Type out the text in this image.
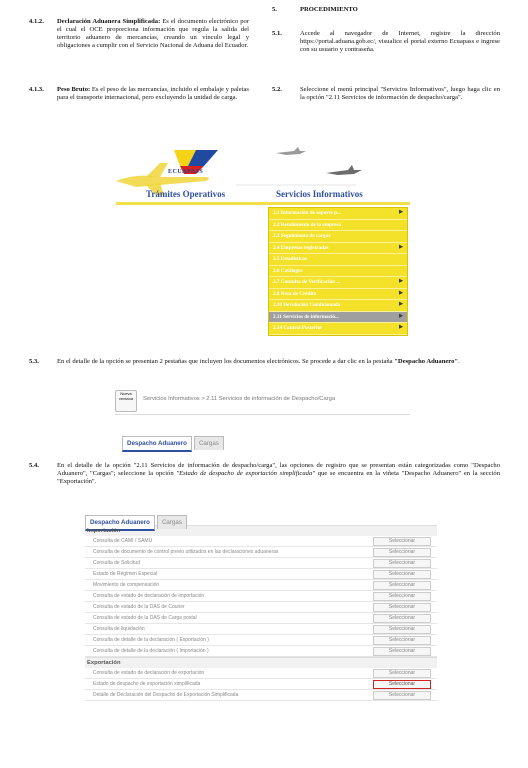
4.1.2. Declaración Aduanera Simplificada: Es el documento electrónico por el cual el OCE proporciona información que regula la salida del territorio aduanero de mercancías, creando un vínculo legal y obligaciones a cumplir con el Servicio Nacional de Aduana del Ecuador.
4.1.3. Peso Bruto: Es el peso de las mercancías, incluido el embalaje y paletas para el transporte internacional, pero excluyendo la unidad de carga.
5.	PROCEDIMIENTO
5.1.	Accede al navegador de Internet, registre la dirección https://portal.aduana.gob.ec/, visualice el portal externo Ecuapass e ingrese con su usuario y contraseña.
5.2.	Seleccione el menú principal "Servicios Informativos", luego haga clic en la opción "2.11 Servicios de información de despacho/carga".
ECUAPASS
Trámites Operativos	Servicios Informativos
2.1 Información de soporte p...	▶
2.2 Rendimiento de la empresa
2.3 Seguimiento de cargas
2.4 Empresas registradas	▶
2.5 Estadísticas
2.6 Catálogos
2.7 Consulta de Verificación ...	▶
2.8 Nota de Crédito	▶
2.10 Devolución Condicionada	▶
2.11 Servicios de informació...	▶
2.14 Control Posterior	▶
5.3.	En el detalle de la opción se presentan 2 pestañas que incluyen los documentos electrónicos. Se procede a dar clic en la pestaña "Despacho Aduanero".
Nueva ventana	Servicios Informativos > 2.11 Servicios de información de Despacho/Carga
Despacho Aduanero Cargas
5.4.	En el detalle de la opción "2.11 Servicios de información de despacho/carga", las opciones de registro que se presentan están categorizadas como "Despacho Aduanero", "Cargas"; seleccione la opción "Estado de despacho de exportación simplificada" que se encuentra en la viñeta "Despacho Aduanero" en la sección "Exportación".
Despacho Aduanero Cargas
Importación
Consulta de CAMI / SAMU	Seleccionar
Consulta de documento de control previo utilizados en las declaraciones aduaneras	Seleccionar
Consulta de Solicitud	Seleccionar
Estado de Régimen Especial	Seleccionar
Movimiento de compensación	Seleccionar
Consulta de estado de declaración de importación	Seleccionar
Consulta de estado de la DAS de Courier	Seleccionar
Consulta de estado de la DAS de Carga postal	Seleccionar
Consulta de liquidación	Seleccionar
Consulta de detalle de la declaración ( Exportación )	Seleccionar
Consulta de detalle de la declaración ( Importación )	Seleccionar
Exportación
Consulta de estado de declaración de exportación	Seleccionar
Estado de despacho de exportación simplificada	Seleccionar
Detalle de Declaración del Despacho de Exportación Simplificada	Seleccionar
